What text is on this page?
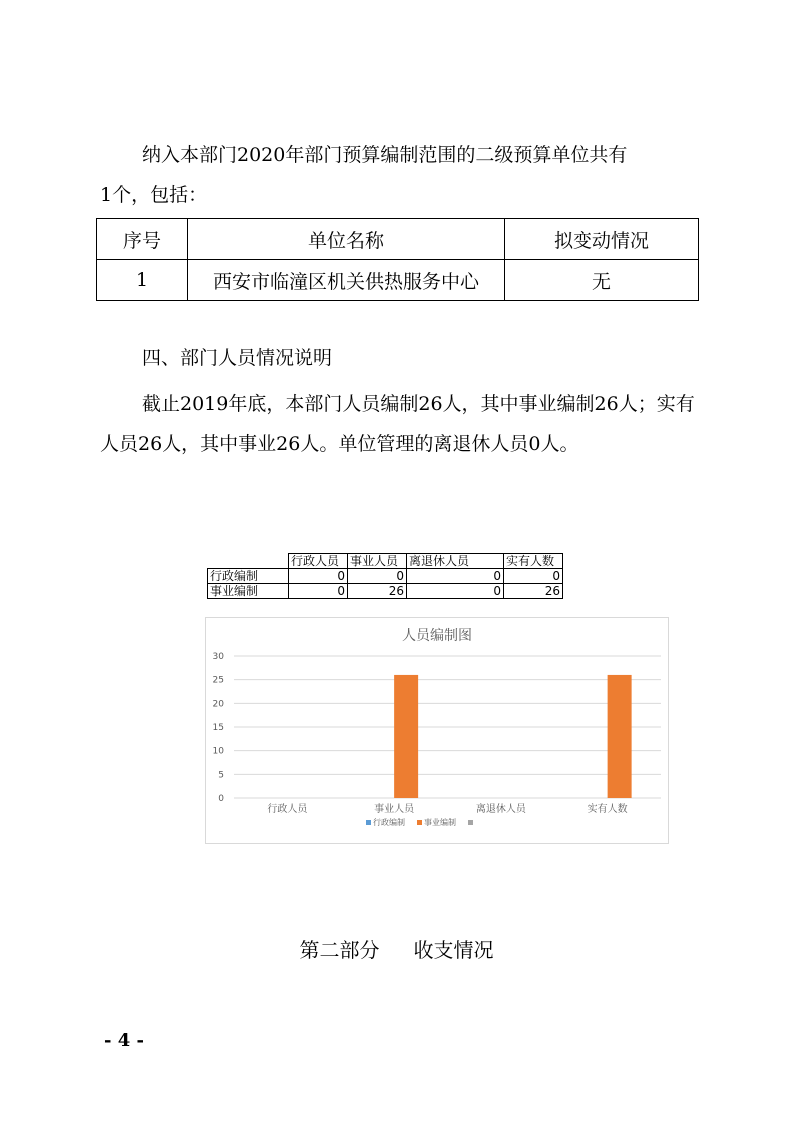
纳入本部门2020年部门预算编制范围的二级预算单位共有
1个，包括：
序号	单位名称	拟变动情况
1	西安市临潼区机关供热服务中心	无
四、部门人员情况说明
截止2019年底，本部门人员编制26人，其中事业编制26人；实有人员26人，其中事业26人。单位管理的离退休人员0人。
	行政人员	事业人员	离退休人员	实有人数
行政编制	0	0	0	0
事业编制	0	26	0	26
人员编制图
0
5
10
15
20
25
30
行政人员	事业人员	离退休人员	实有人数
行政编制 事业编制
第二部分 收支情况
- 4 -
